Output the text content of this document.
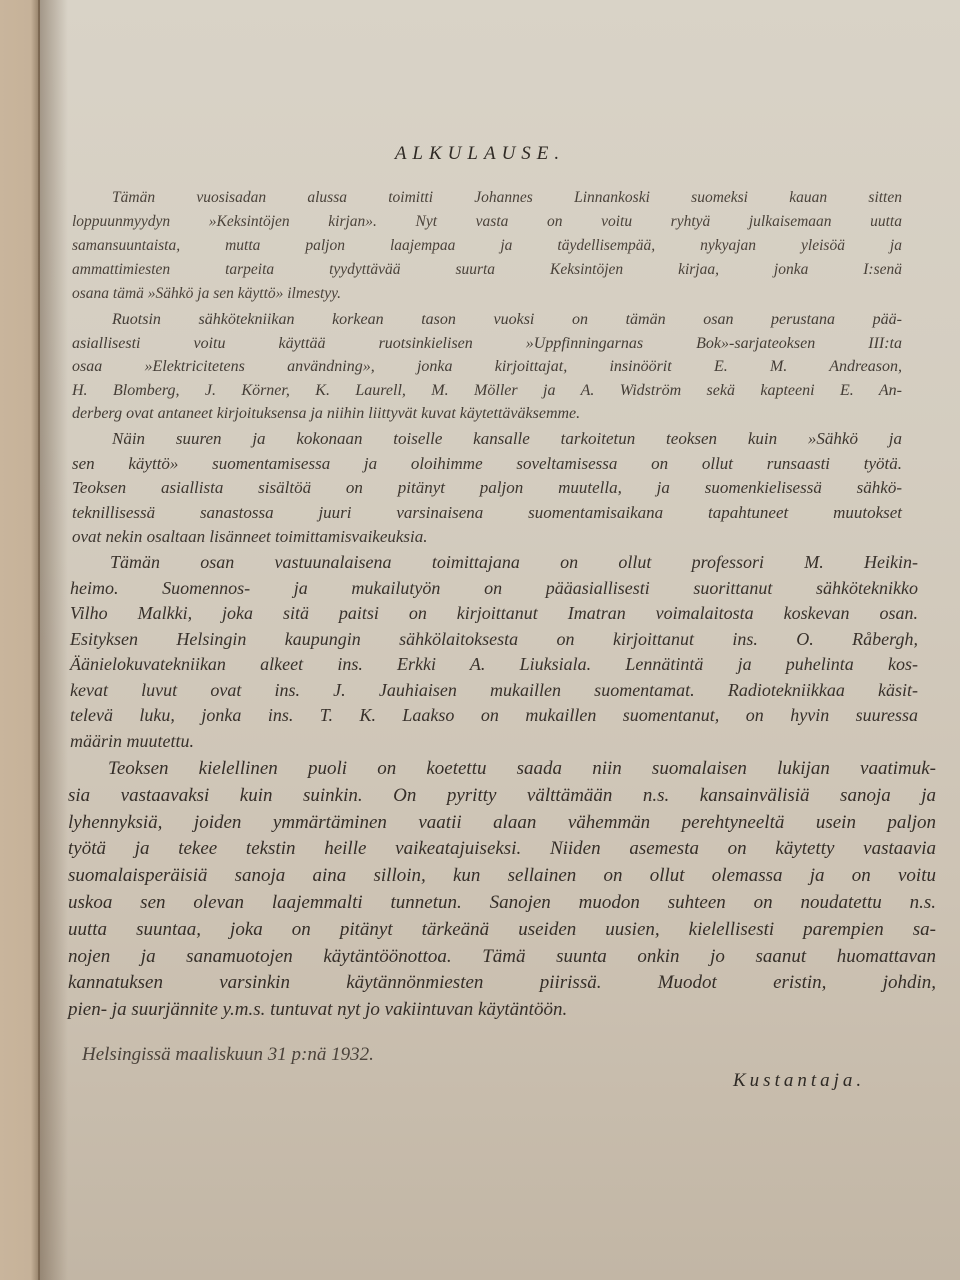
ALKULAUSE.
Tämän vuosisadan alussa toimitti Johannes Linnankoski suomeksi kauan sitten
loppuunmyydyn »Keksintöjen kirjan». Nyt vasta on voitu ryhtyä julkaisemaan uutta
samansuuntaista, mutta paljon laajempaa ja täydellisempää, nykyajan yleisöä ja
ammattimiesten tarpeita tyydyttävää suurta Keksintöjen kirjaa, jonka I:senä
osana tämä »Sähkö ja sen käyttö» ilmestyy.
Ruotsin sähkötekniikan korkean tason vuoksi on tämän osan perustana pää-
asiallisesti voitu käyttää ruotsinkielisen »Uppfinningarnas Bok»-sarjateoksen III:ta
osaa »Elektricitetens användning», jonka kirjoittajat, insinöörit E. M. Andreason,
H. Blomberg, J. Körner, K. Laurell, M. Möller ja A. Widström sekä kapteeni E. An-
derberg ovat antaneet kirjoituksensa ja niihin liittyvät kuvat käytettäväksemme.
Näin suuren ja kokonaan toiselle kansalle tarkoitetun teoksen kuin »Sähkö ja
sen käyttö» suomentamisessa ja oloihimme soveltamisessa on ollut runsaasti työtä.
Teoksen asiallista sisältöä on pitänyt paljon muutella, ja suomenkielisessä sähkö-
teknillisessä sanastossa juuri varsinaisena suomentamisaikana tapahtuneet muutokset
ovat nekin osaltaan lisänneet toimittamisvaikeuksia.
Tämän osan vastuunalaisena toimittajana on ollut professori M. Heikin-
heimo. Suomennos- ja mukailutyön on pääasiallisesti suorittanut sähköteknikko
Vilho Malkki, joka sitä paitsi on kirjoittanut Imatran voimalaitosta koskevan osan.
Esityksen Helsingin kaupungin sähkölaitoksesta on kirjoittanut ins. O. Råbergh,
Äänielokuvatekniikan alkeet ins. Erkki A. Liuksiala. Lennätintä ja puhelinta kos-
kevat luvut ovat ins. J. Jauhiaisen mukaillen suomentamat. Radiotekniikkaa käsit-
televä luku, jonka ins. T. K. Laakso on mukaillen suomentanut, on hyvin suuressa
määrin muutettu.
Teoksen kielellinen puoli on koetettu saada niin suomalaisen lukijan vaatimuk-
sia vastaavaksi kuin suinkin. On pyritty välttämään n.s. kansainvälisiä sanoja ja
lyhennyksiä, joiden ymmärtäminen vaatii alaan vähemmän perehtyneeltä usein paljon
työtä ja tekee tekstin heille vaikeatajuiseksi. Niiden asemesta on käytetty vastaavia
suomalaisperäisiä sanoja aina silloin, kun sellainen on ollut olemassa ja on voitu
uskoa sen olevan laajemmalti tunnetun. Sanojen muodon suhteen on noudatettu n.s.
uutta suuntaa, joka on pitänyt tärkeänä useiden uusien, kielellisesti parempien sa-
nojen ja sanamuotojen käytäntöönottoa. Tämä suunta onkin jo saanut huomattavan
kannatuksen varsinkin käytännönmiesten piirissä. Muodot eristin, johdin,
pien- ja suurjännite y.m.s. tuntuvat nyt jo vakiintuvan käytäntöön.
Helsingissä maaliskuun 31 p:nä 1932.
Kustantaja.
